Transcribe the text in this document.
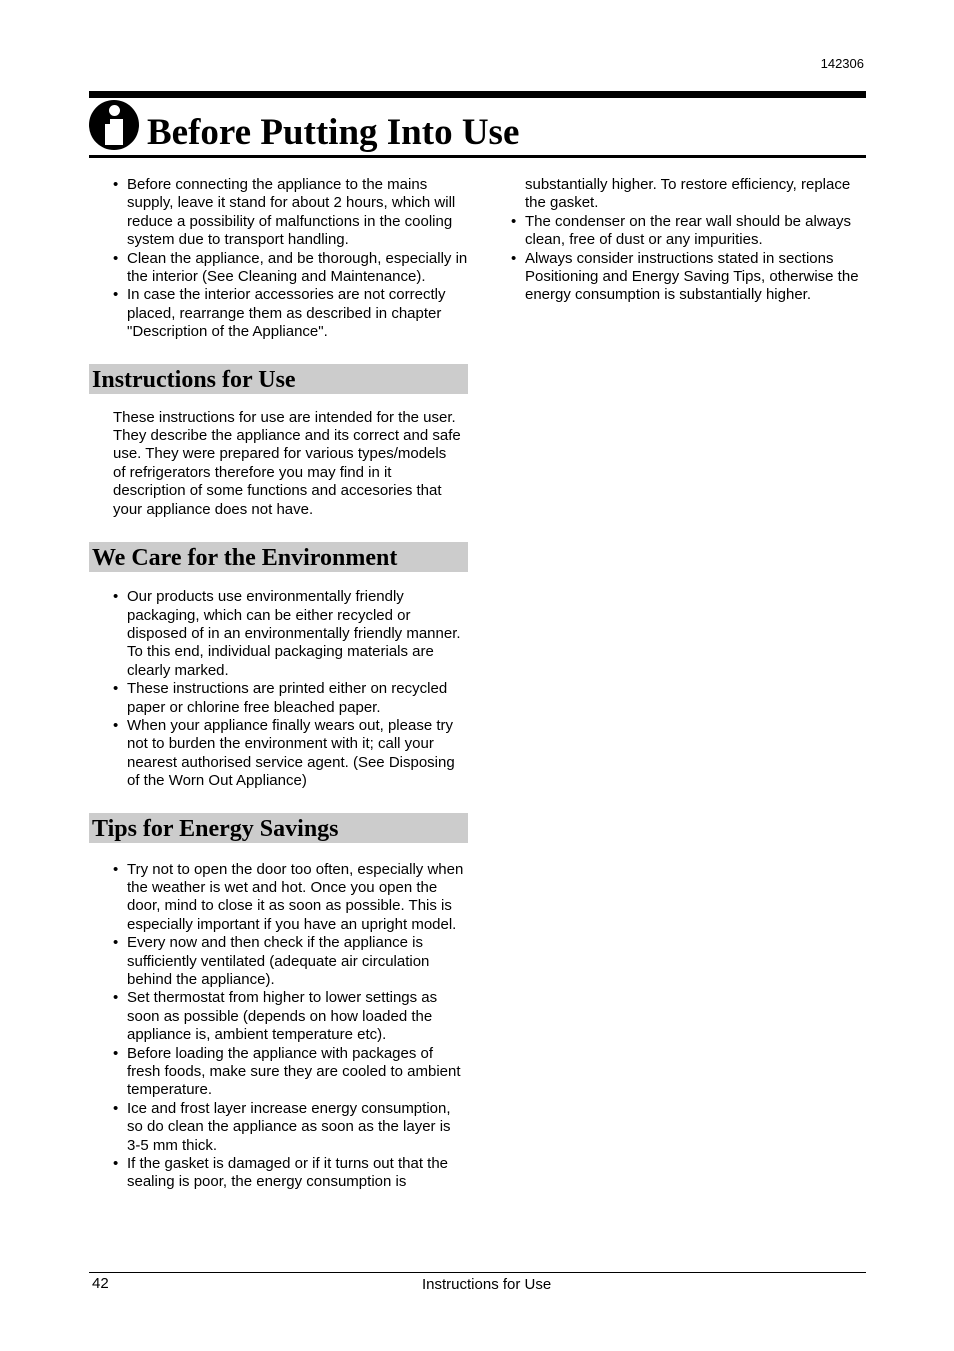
142306
Before Putting Into Use
• Before connecting the appliance to the mains supply, leave it stand for about 2 hours, which will reduce a possibility of malfunctions in the cooling system due to transport handling.
• Clean the appliance, and be thorough, especially in the interior (See Cleaning and Maintenance).
• In case the interior accessories are not correctly placed, rearrange them as described in chapter "Description of the Appliance".
Instructions for Use

These instructions for use are intended for the user. They describe the appliance and its correct and safe use. They were prepared for various types/models of refrigerators therefore you may find in it description of some functions and accesories that your appliance does not have.

We Care for the Environment
• Our products use environmentally friendly packaging, which can be either recycled or disposed of in an environmentally friendly manner. To this end, individual packaging materials are clearly marked.
• These instructions are printed either on recycled paper or chlorine free bleached paper.
• When your appliance finally wears out, please try not to burden the environment with it; call your nearest authorised service agent. (See Disposing of the Worn Out Appliance)
Tips for Energy Savings
• Try not to open the door too often, especially when the weather is wet and hot. Once you open the door, mind to close it as soon as possible. This is especially important if you have an upright model.
• Every now and then check if the appliance is sufficiently ventilated (adequate air circulation behind the appliance).
• Set thermostat from higher to lower settings as soon as possible (depends on how loaded the appliance is, ambient temperature etc).
• Before loading the appliance with packages of fresh foods, make sure they are cooled to ambient temperature.
• Ice and frost layer increase energy consumption, so do clean the appliance as soon as the layer is 3-5 mm thick.
• If the gasket is damaged or if it turns out that the sealing is poor, the energy consumption is

substantially higher. To restore efficiency, replace the gasket.

• The condenser on the rear wall should be always clean, free of dust or any impurities.
• Always consider instructions stated in sections Positioning and Energy Saving Tips, otherwise the energy consumption is substantially higher.
42	Instructions for Use
